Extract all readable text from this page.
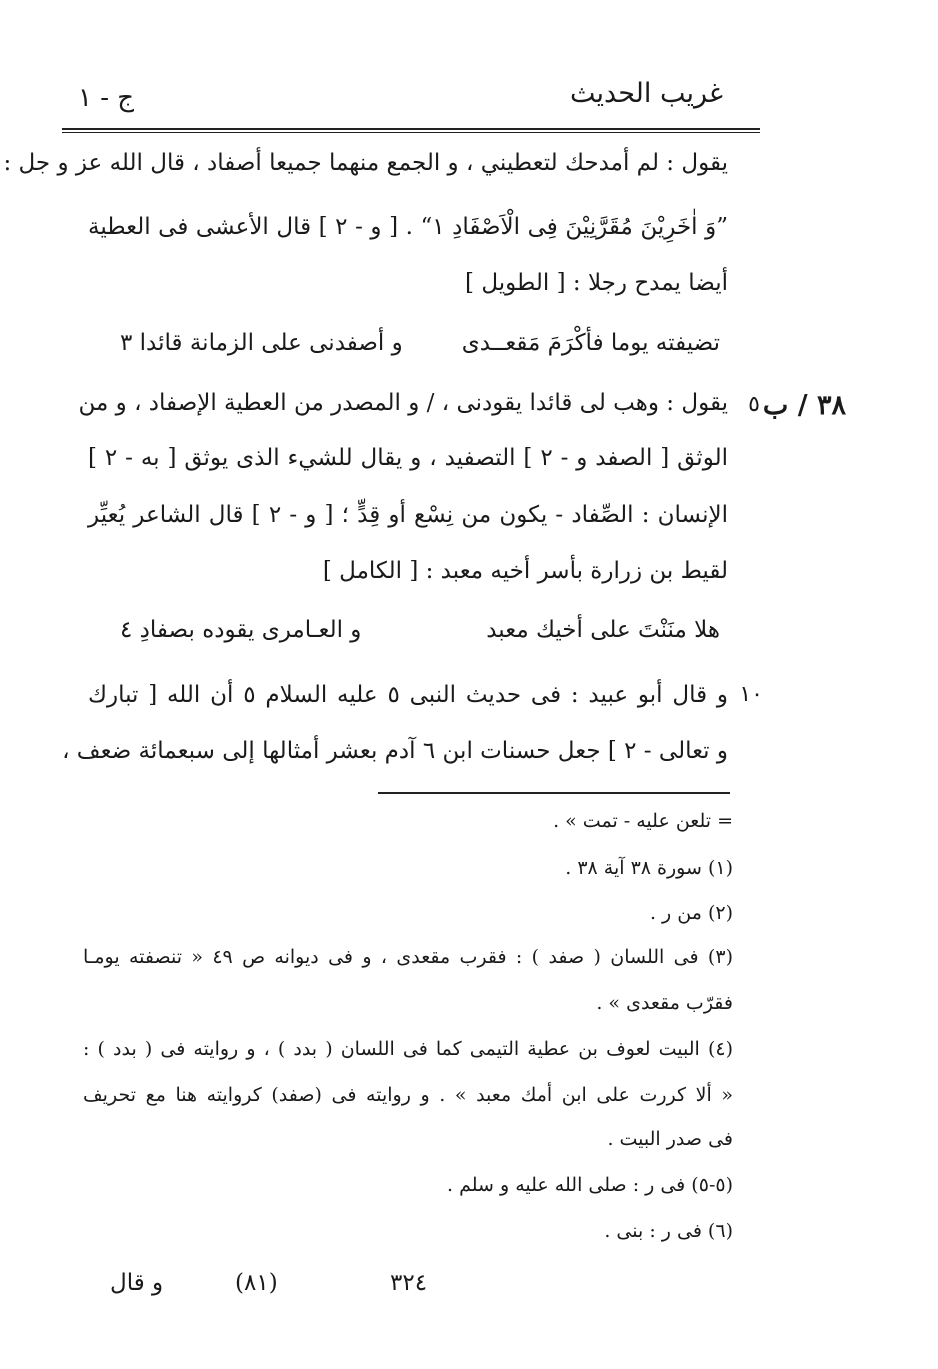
غريب الحديث
ج - ١
يقول : لم أمدحك لتعطيني ، و الجمع منهما جميعا أصفاد ، قال الله عز و جل :
”وَ اٰخَرِيْنَ مُقَرَّنِيْنَ فِى الْاَصْفَادِ ١“ . [ و - ٢ ] قال الأعشى فى العطية
أيضا يمدح رجلا : [ الطويل ]
تضيفته يوما فأكْرَمَ مَقعــدى
و أصفدنى على الزمانة قائدا ٣
٣٨ / ب
٥
يقول : وهب لى قائدا يقودنى ، / و المصدر من العطية الإصفاد ، و من
الوثق [ الصفد و - ٢ ] التصفيد ، و يقال للشيء الذى يوثق [ به - ٢ ]
الإنسان : الصِّفاد - يكون من نِسْع أو قِدٍّ ؛ [ و - ٢ ] قال الشاعر يُعيِّر
لقيط بن زرارة بأسر أخيه معبد : [ الكامل ]
هلا منَنْتَ على أخيك معبد
و العـامرى يقوده بصفادِ ٤
١٠
و قال أبو عبيد : فى حديث النبى ٥ عليه السلام ٥ أن الله [ تبارك
و تعالى - ٢ ] جعل حسنات ابن ٦ آدم بعشر أمثالها إلى سبعمائة ضعف ،
= تلعن عليه - تمت » .
(١) سورة ٣٨ آية ٣٨ .
(٢) من ر .
(٣) فى اللسان ( صفد ) : فقرب مقعدى ، و فى ديوانه ص ٤٩ « تنصفته يومـا
فقرّب مقعدى » .
(٤) البيت لعوف بن عطية التيمى كما فى اللسان ( بدد ) ، و روايته فى ( بدد ) :
« ألا كررت على ابن أمك معبد » . و روايته فى (صفد) كروايته هنا مع تحريف
فى صدر البيت .
(٥-٥) فى ر : صلى الله عليه و سلم .
(٦) فى ر : بنى .
و قال	(٨١)	٣٢٤
